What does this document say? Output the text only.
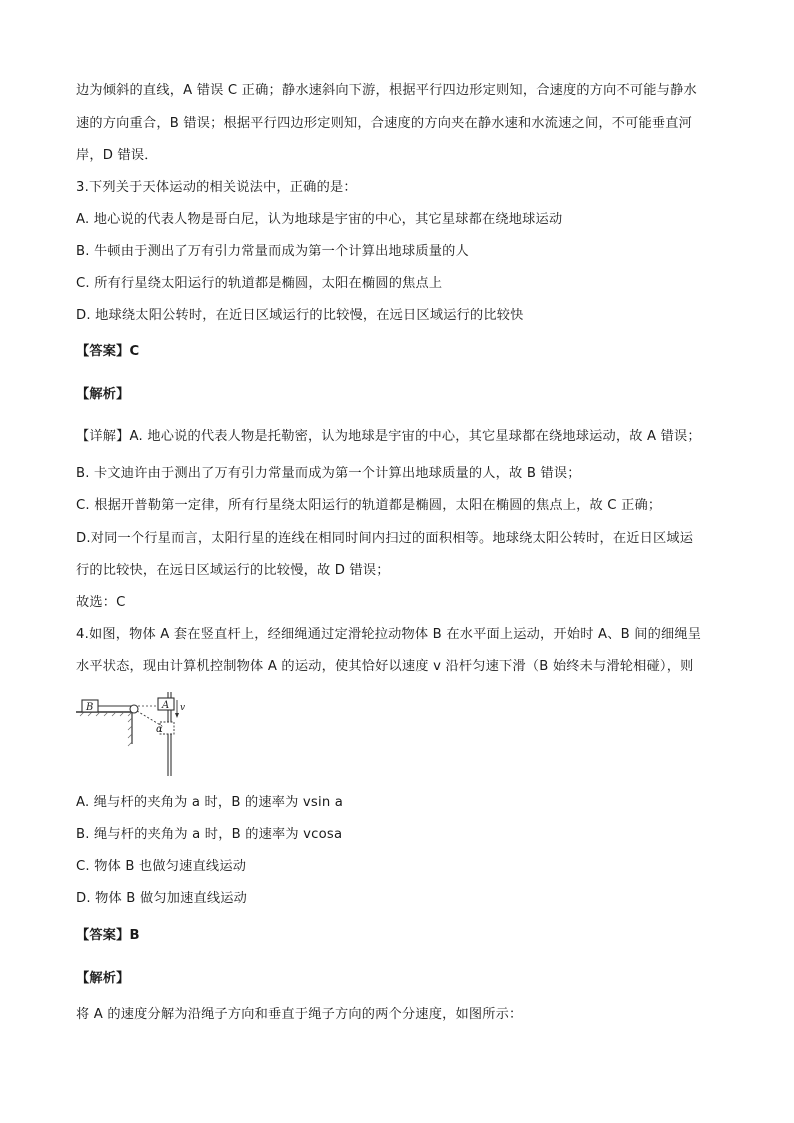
边为倾斜的直线，A 错误 C 正确；静水速斜向下游，根据平行四边形定则知，合速度的方向不可能与静水
速的方向重合，B 错误；根据平行四边形定则知，合速度的方向夹在静水速和水流速之间，不可能垂直河
岸，D 错误．
3.下列关于天体运动的相关说法中，正确的是：
A. 地心说的代表人物是哥白尼，认为地球是宇宙的中心，其它星球都在绕地球运动
B. 牛顿由于测出了万有引力常量而成为第一个计算出地球质量的人
C. 所有行星绕太阳运行的轨道都是椭圆，太阳在椭圆的焦点上
D. 地球绕太阳公转时，在近日区域运行的比较慢，在远日区域运行的比较快
【答案】C
【解析】
【详解】A. 地心说的代表人物是托勒密，认为地球是宇宙的中心，其它星球都在绕地球运动，故 A 错误；
B. 卡文迪许由于测出了万有引力常量而成为第一个计算出地球质量的人，故 B 错误；
C. 根据开普勒第一定律，所有行星绕太阳运行的轨道都是椭圆，太阳在椭圆的焦点上，故 C 正确；
D.对同一个行星而言，太阳行星的连线在相同时间内扫过的面积相等。地球绕太阳公转时，在近日区域运
行的比较快，在远日区域运行的比较慢，故 D 错误；
故选：C
4.如图，物体 A 套在竖直杆上，经细绳通过定滑轮拉动物体 B 在水平面上运动，开始时 A、B 间的细绳呈
水平状态，现由计算机控制物体 A 的运动，使其恰好以速度 v 沿杆匀速下滑（B 始终未与滑轮相碰），则
B	A
α
v
A. 绳与杆的夹角为 a 时，B 的速率为 vsin a
B. 绳与杆的夹角为 a 时，B 的速率为 vcosa
C. 物体 B 也做匀速直线运动
D. 物体 B 做匀加速直线运动
【答案】B
【解析】
将 A 的速度分解为沿绳子方向和垂直于绳子方向的两个分速度，如图所示：
